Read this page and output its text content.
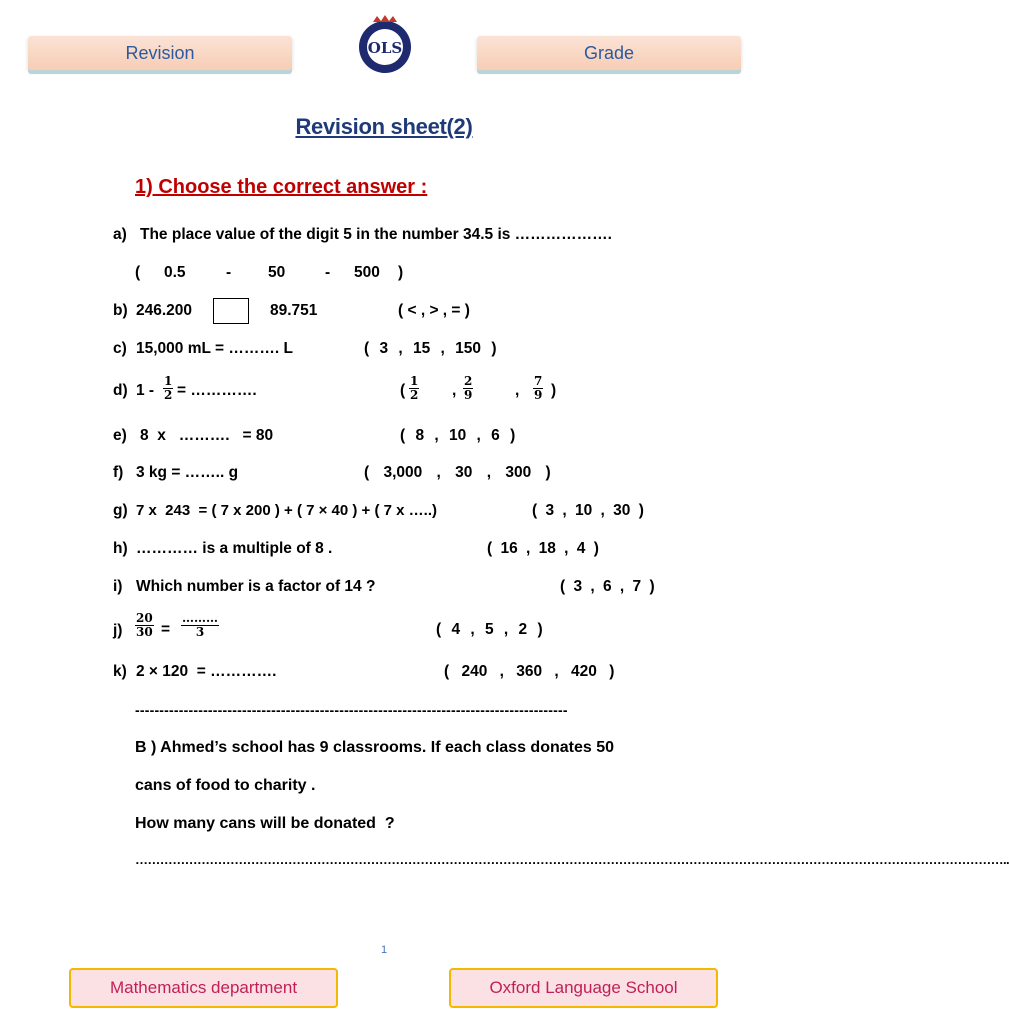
Revision	OLS	Grade
Revision sheet(2)
1) Choose the correct answer :
a) The place value of the digit 5 in the number 34.5 is ……………….
( 0.5	- 50	- 500 )
b) 246.200	89.751	( < , > , = )
c) 15,000 mL = ………. L	( 3 , 15 , 150 )
d) $1 - \frac{1}{2}$ = ………….	( $\frac{1}{2}$ , $\frac{2}{9}$	, $\frac{7}{9}$ )
e) 8  x   ……….   = 80	( 8 , 10 , 6 )
f) 3 kg = …….. g	( 3,000 , 30 , 300 )
g) 7 x  243  = ( 7 x 200 ) + ( 7 × 40 ) + ( 7 x …..)	( 3 , 10 , 30 )
h) ………… is a multiple of 8 .	( 16 , 18 , 4 )
i) Which number is a factor of 14 ?	( 3 , 6 , 7 )
$j) \frac{20}{30}$ =
………
3	( 4 , 5 , 2 )
k) 2 × 120  = ………….	( 240 , 360 , 420 )
-----------------------------------------------------------------------------------------
B ) Ahmed’s school has 9 classrooms. If each class donates 50
cans of food to charity .
How many cans will be donated  ?
…………………………………………………………………………………………………………………………………………………………………………………………..
1
Mathematics department	Oxford Language School
